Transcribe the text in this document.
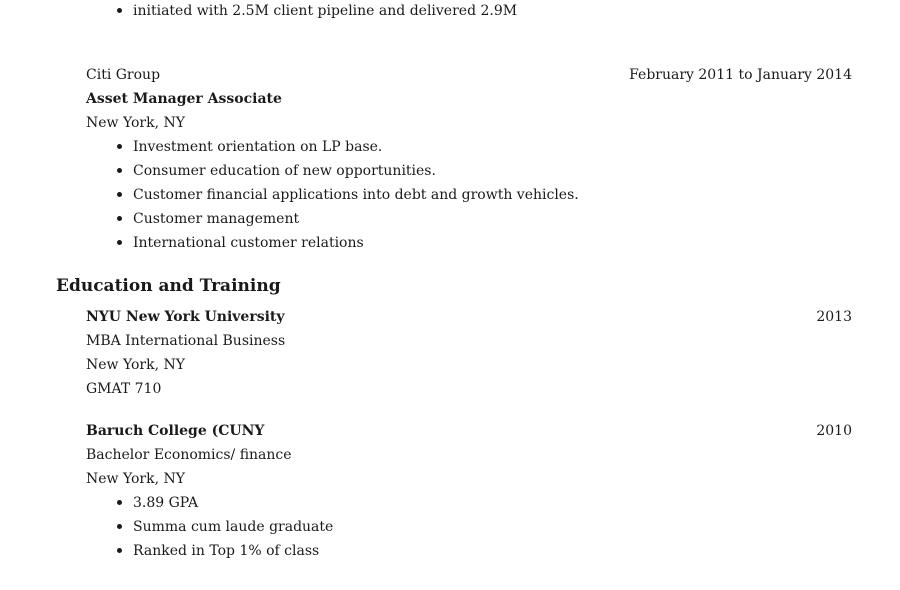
initiated with 2.5M client pipeline and delivered 2.9M
Citi Group	February 2011 to January 2014
Asset Manager Associate
New York, NY
Investment orientation on LP base.
Consumer education of new opportunities.
Customer financial applications into debt and growth vehicles.
Customer management
International customer relations
Education and Training
NYU New York University	2013
MBA International Business
New York, NY
GMAT 710
Baruch College (CUNY	2010
Bachelor Economics/ finance
New York, NY
3.89 GPA
Summa cum laude graduate
Ranked in Top 1% of class
